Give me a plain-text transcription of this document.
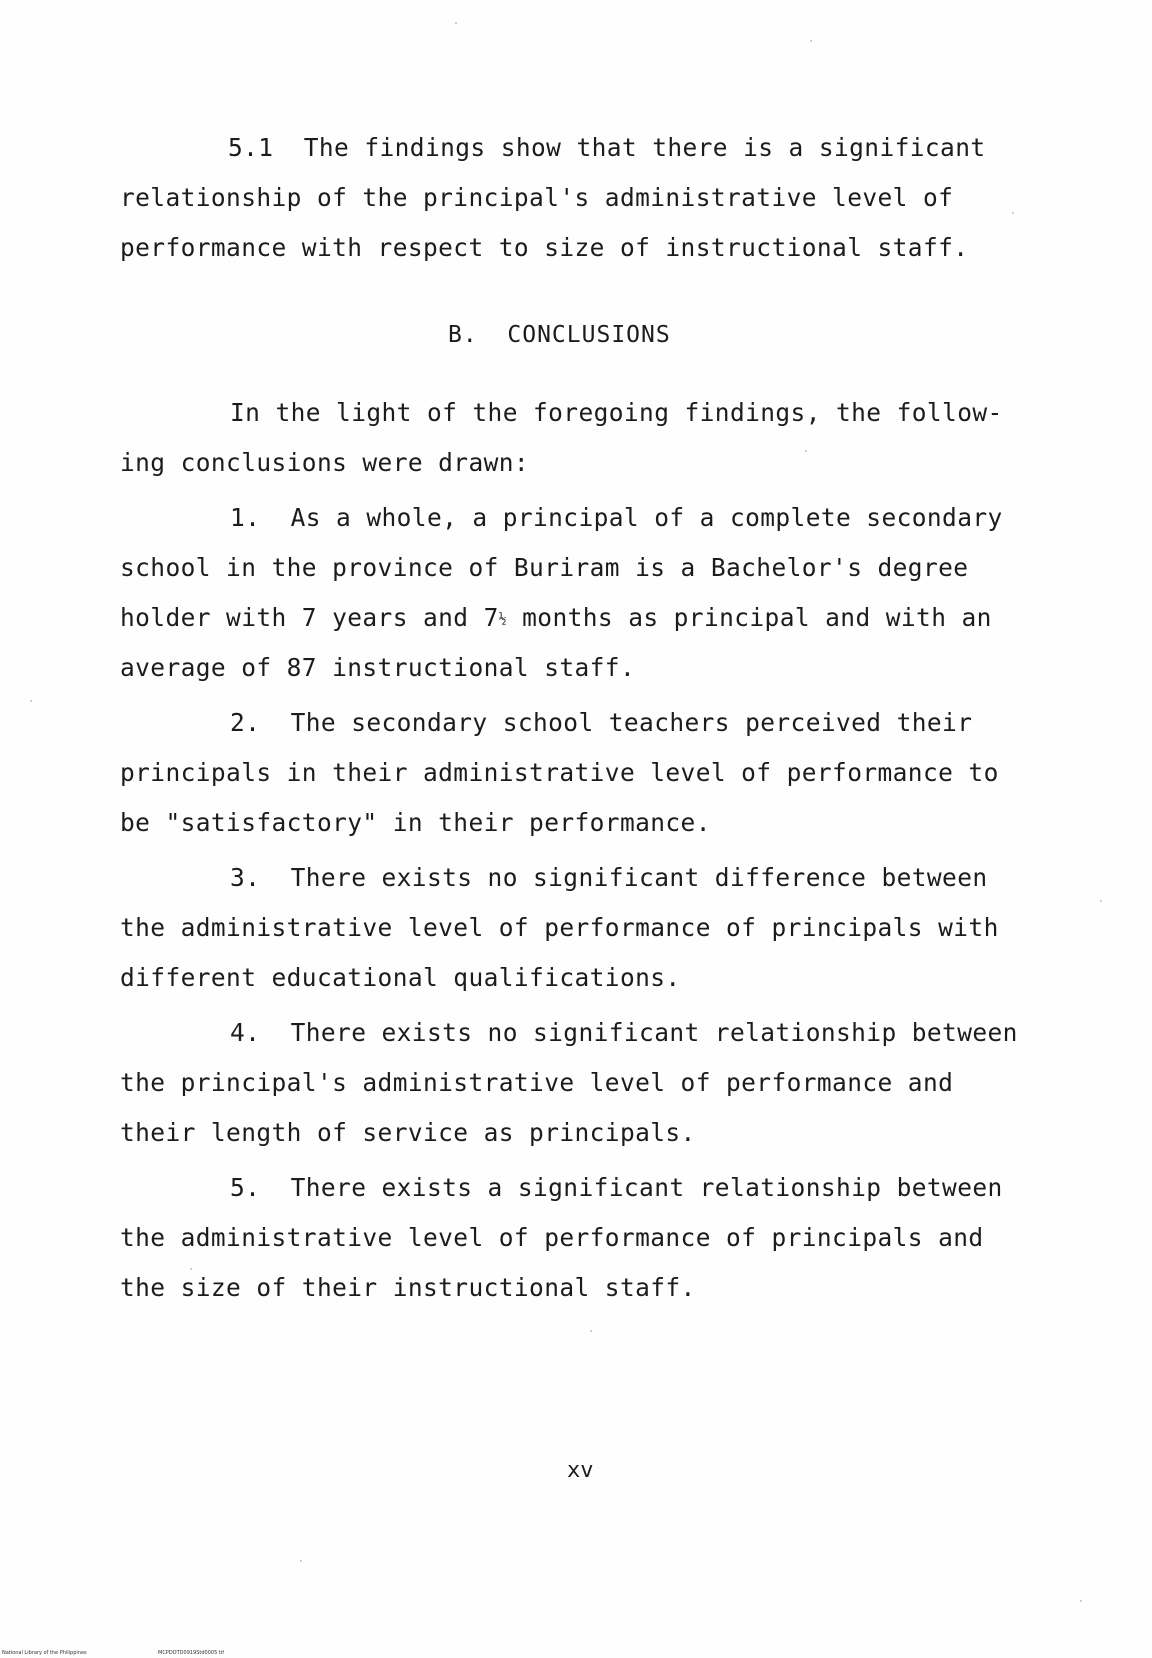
5.1  The findings show that there is a significant
relationship of the principal's administrative level of
performance with respect to size of instructional staff.
B.  CONCLUSIONS
In the light of the foregoing findings, the follow-
ing conclusions were drawn:
1.  As a whole, a principal of a complete secondary
school in the province of Buriram is a Bachelor's degree
holder with 7 years and 7½ months as principal and with an
average of 87 instructional staff.
2.  The secondary school teachers perceived their
principals in their administrative level of performance to
be "satisfactory" in their performance.
3.  There exists no significant difference between
the administrative level of performance of principals with
different educational qualifications.
4.  There exists no significant relationship between
the principal's administrative level of performance and
their length of service as principals.
5.  There exists a significant relationship between
the administrative level of performance of principals and
the size of their instructional staff.
xv
National Library of the Philippines	MCPDOTD0919Std0005 tif
